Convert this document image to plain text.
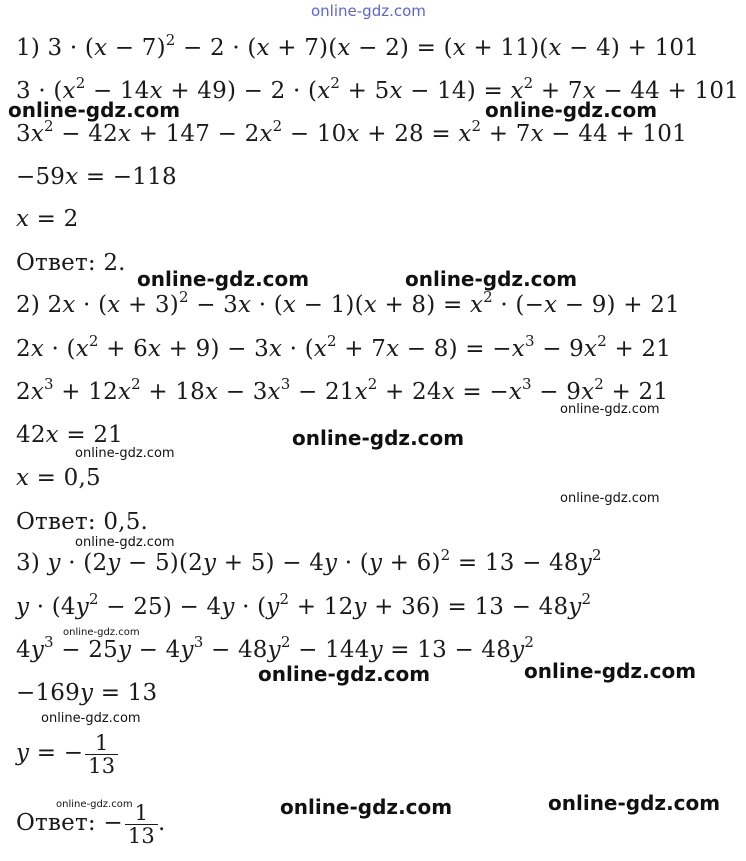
online-gdz.com
1) $3 \cdot (x - 7)^2 - 2 \cdot (x + 7)(x - 2) = (x + 11)(x - 4) + 101$
$3 \cdot (x^2 - 14x + 49) - 2 \cdot (x^2 + 5x - 14) = x^2 + 7x - 44 + 101$
$3x^2 - 42x + 147 - 2x^2 - 10x + 28 = x^2 + 7x - 44 + 101$
−59x = −118
x = 2
Ответ: 2.
2) $2x \cdot (x + 3)^2 - 3x \cdot (x - 1)(x + 8) = x^2 \cdot (-x - 9) + 21$
$2x \cdot (x^2 + 6x + 9) - 3x \cdot (x^2 + 7x - 8) = -x^3 - 9x^2 + 21$
$2x^3 + 12x^2 + 18x - 3x^3 - 21x^2 + 24x = -x^3 - 9x^2 + 21$
42x = 21
x = 0,5
Ответ: 0,5.
3) $y \cdot (2y - 5)(2y + 5) - 4y \cdot (y + 6)^2 = 13 - 48y^2$
$y \cdot (4y^2 - 25) - 4y \cdot (y^2 + 12y + 36) = 13 - 48y^2$
$4y^3 - 25y - 4y^3 - 48y^2 - 144y = 13 - 48y^2$
−169y = 13
y = − $\frac{1}{13}$
Ответ: − $\frac{1}{13}$ .
online-gdz.com	online-gdz.com
online-gdz.com	online-gdz.com
online-gdz.com
online-gdz.com	online-gdz.com
online-gdz.com	online-gdz.com
online-gdz.com
online-gdz.com
online-gdz.com
online-gdz.com
online-gdz.com
online-gdz.com
online-gdz.com
